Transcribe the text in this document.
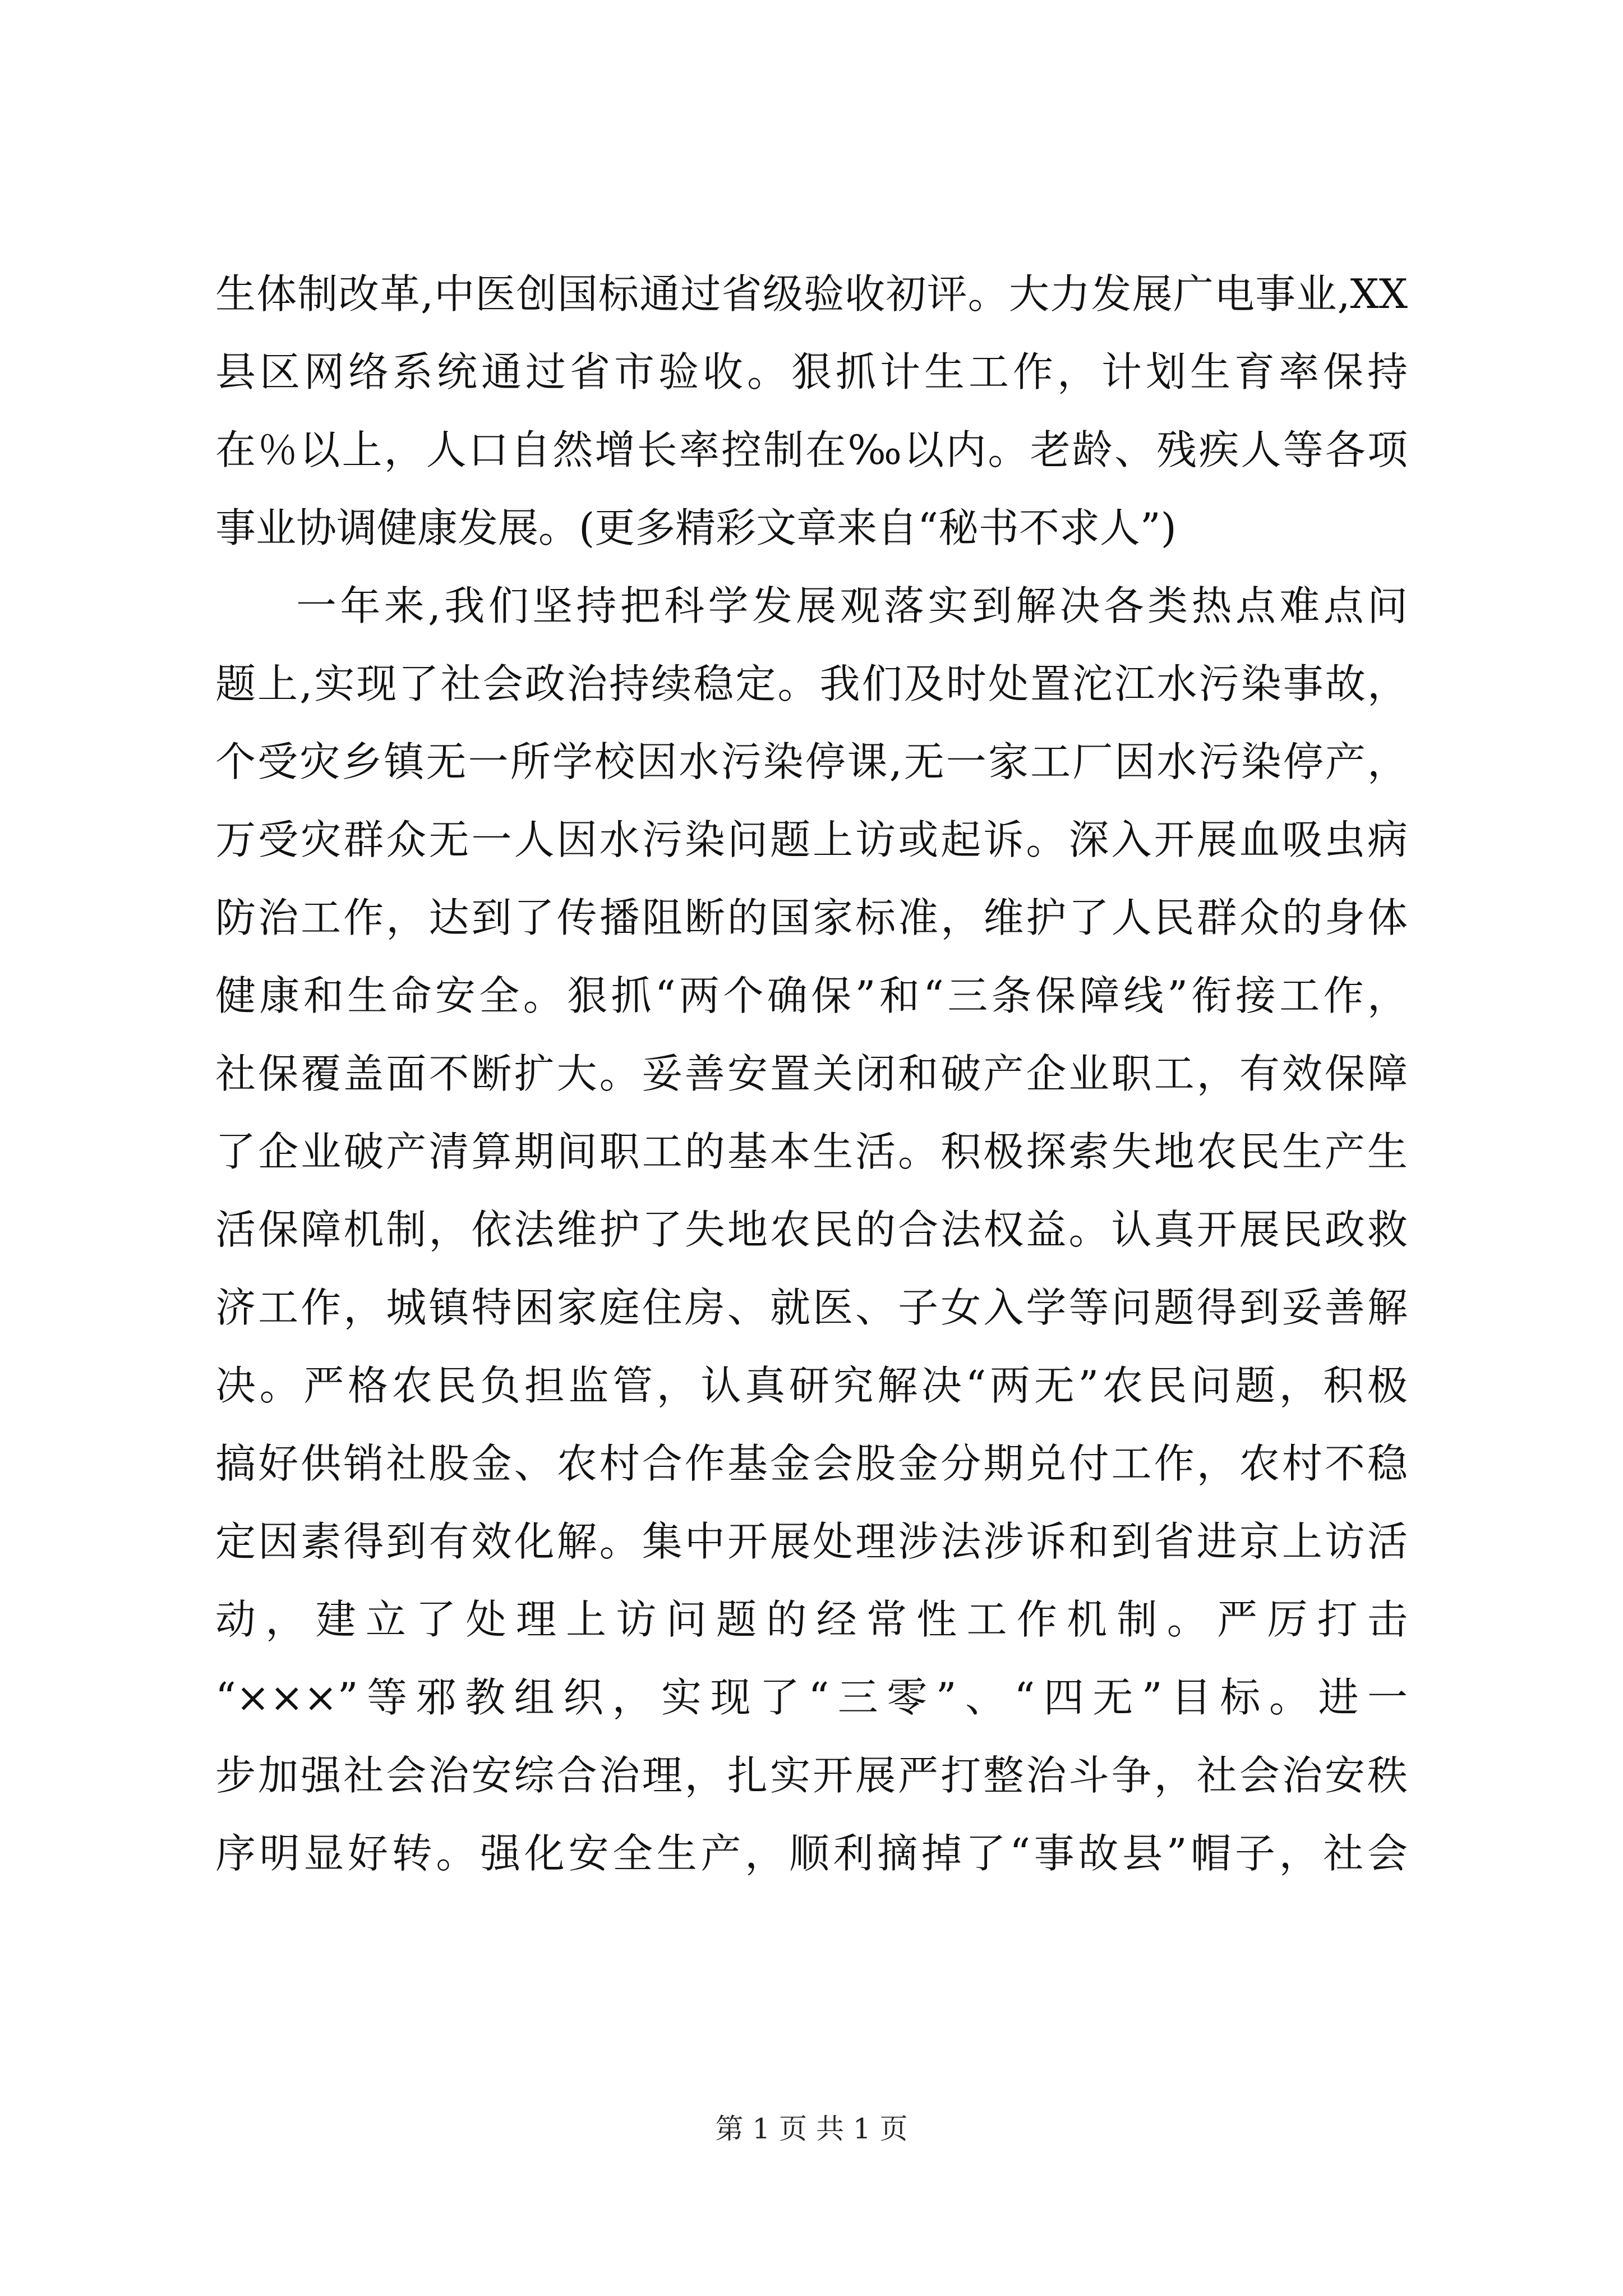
生体制改革,中医创国标通过省级验收初评。大力发展广电事业,XX
县区网络系统通过省市验收。狠抓计生工作，计划生育率保持
在％以上，人口自然增长率控制在‰以内。老龄、残疾人等各项
事业协调健康发展。(更多精彩文章来自“秘书不求人”)
一年来,我们坚持把科学发展观落实到解决各类热点难点问
题上,实现了社会政治持续稳定。我们及时处置沱江水污染事故，
个受灾乡镇无一所学校因水污染停课,无一家工厂因水污染停产，
万受灾群众无一人因水污染问题上访或起诉。深入开展血吸虫病
防治工作，达到了传播阻断的国家标准，维护了人民群众的身体
健康和生命安全。狠抓“两个确保”和“三条保障线”衔接工作，
社保覆盖面不断扩大。妥善安置关闭和破产企业职工，有效保障
了企业破产清算期间职工的基本生活。积极探索失地农民生产生
活保障机制，依法维护了失地农民的合法权益。认真开展民政救
济工作，城镇特困家庭住房、就医、子女入学等问题得到妥善解
决。严格农民负担监管，认真研究解决“两无”农民问题，积极
搞好供销社股金、农村合作基金会股金分期兑付工作，农村不稳
定因素得到有效化解。集中开展处理涉法涉诉和到省进京上访活
动，建立了处理上访问题的经常性工作机制。严厉打击
“×××”等邪教组织，实现了“三零”、“四无”目标。进一
步加强社会治安综合治理，扎实开展严打整治斗争，社会治安秩
序明显好转。强化安全生产，顺利摘掉了“事故县”帽子，社会
第 1 页 共 1 页
